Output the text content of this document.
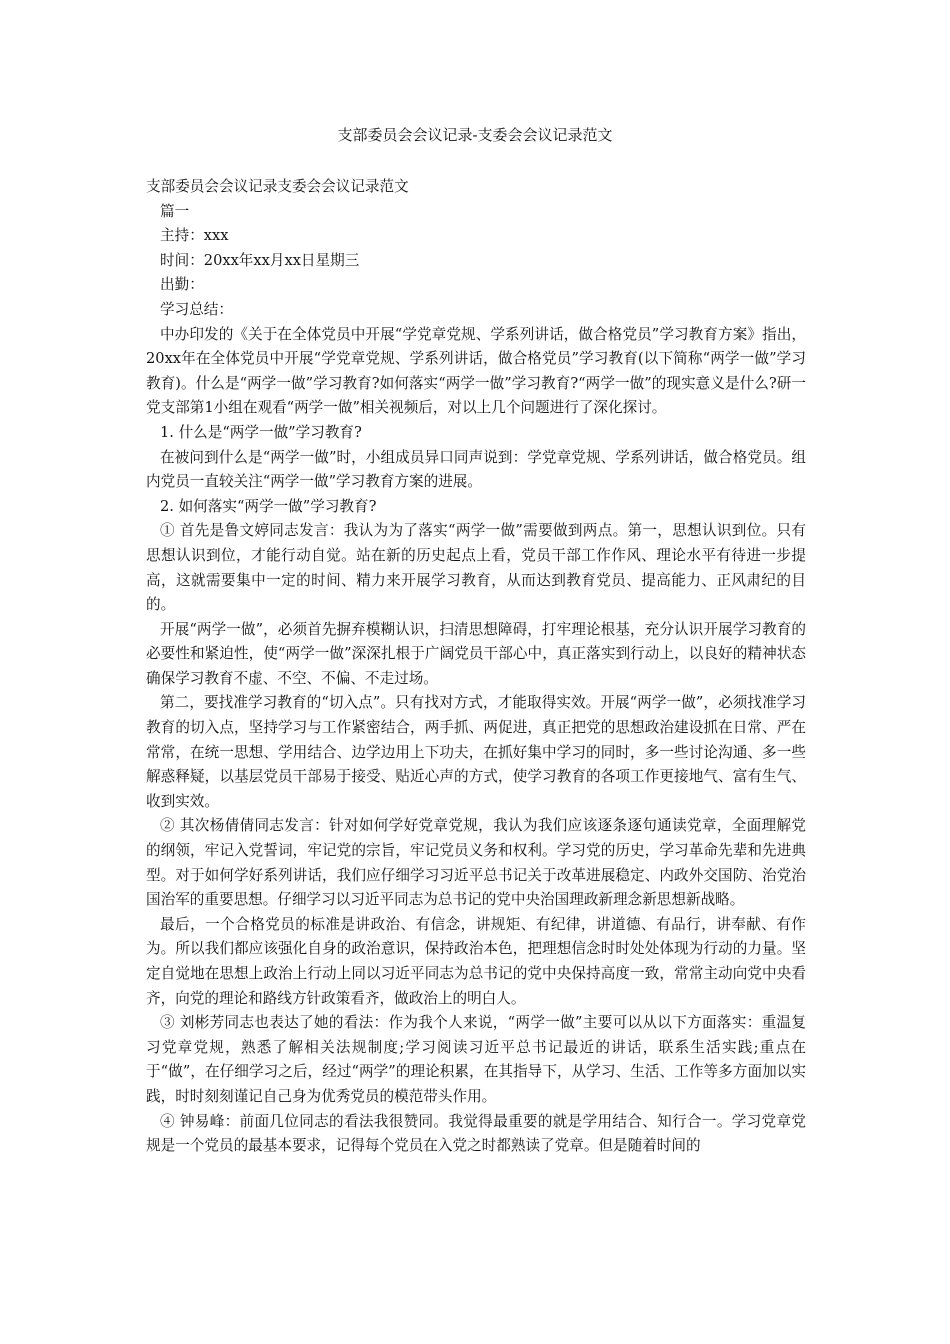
支部委员会会议记录-支委会会议记录范文

支部委员会会议记录支委会会议记录范文

篇一

主持：xxx

时间：20xx年xx月xx日星期三

出勤：

学习总结：

中办印发的《关于在全体党员中开展“学党章党规、学系列讲话，做合格党员”学习教育方案》指出，20xx年在全体党员中开展“学党章党规、学系列讲话，做合格党员”学习教育(以下简称“两学一做”学习教育)。什么是“两学一做”学习教育?如何落实“两学一做”学习教育?“两学一做”的现实意义是什么?研一党支部第1小组在观看“两学一做”相关视频后，对以上几个问题进行了深化探讨。

1. 什么是“两学一做”学习教育?

在被问到什么是“两学一做”时，小组成员异口同声说到：学党章党规、学系列讲话，做合格党员。组内党员一直较关注“两学一做”学习教育方案的进展。

2. 如何落实“两学一做”学习教育?

① 首先是鲁文婷同志发言：我认为为了落实“两学一做”需要做到两点。第一，思想认识到位。只有思想认识到位，才能行动自觉。站在新的历史起点上看，党员干部工作作风、理论水平有待进一步提高，这就需要集中一定的时间、精力来开展学习教育，从而达到教育党员、提高能力、正风肃纪的目的。

开展“两学一做”，必须首先摒弃模糊认识，扫清思想障碍，打牢理论根基，充分认识开展学习教育的必要性和紧迫性，使“两学一做”深深扎根于广阔党员干部心中，真正落实到行动上，以良好的精神状态确保学习教育不虚、不空、不偏、不走过场。

第二，要找准学习教育的“切入点”。只有找对方式，才能取得实效。开展“两学一做”，必须找准学习教育的切入点，坚持学习与工作紧密结合，两手抓、两促进，真正把党的思想政治建设抓在日常、严在常常，在统一思想、学用结合、边学边用上下功夫，在抓好集中学习的同时，多一些讨论沟通、多一些解惑释疑，以基层党员干部易于接受、贴近心声的方式，使学习教育的各项工作更接地气、富有生气、收到实效。

② 其次杨倩倩同志发言：针对如何学好党章党规，我认为我们应该逐条逐句通读党章，全面理解党的纲领，牢记入党誓词，牢记党的宗旨，牢记党员义务和权利。学习党的历史，学习革命先辈和先进典型。对于如何学好系列讲话，我们应仔细学习习近平总书记关于改革进展稳定、内政外交国防、治党治国治军的重要思想。仔细学习以习近平同志为总书记的党中央治国理政新理念新思想新战略。

最后，一个合格党员的标准是讲政治、有信念，讲规矩、有纪律，讲道德、有品行，讲奉献、有作为。所以我们都应该强化自身的政治意识，保持政治本色，把理想信念时时处处体现为行动的力量。坚定自觉地在思想上政治上行动上同以习近平同志为总书记的党中央保持高度一致，常常主动向党中央看齐，向党的理论和路线方针政策看齐，做政治上的明白人。

③ 刘彬芳同志也表达了她的看法：作为我个人来说，“两学一做”主要可以从以下方面落实：重温复习党章党规，熟悉了解相关法规制度;学习阅读习近平总书记最近的讲话，联系生活实践;重点在于“做”，在仔细学习之后，经过“两学”的理论积累，在其指导下，从学习、生活、工作等多方面加以实践，时时刻刻谨记自己身为优秀党员的模范带头作用。

④ 钟易峰：前面几位同志的看法我很赞同。我觉得最重要的就是学用结合、知行合一。学习党章党规是一个党员的最基本要求，记得每个党员在入党之时都熟读了党章。但是随着时间的
